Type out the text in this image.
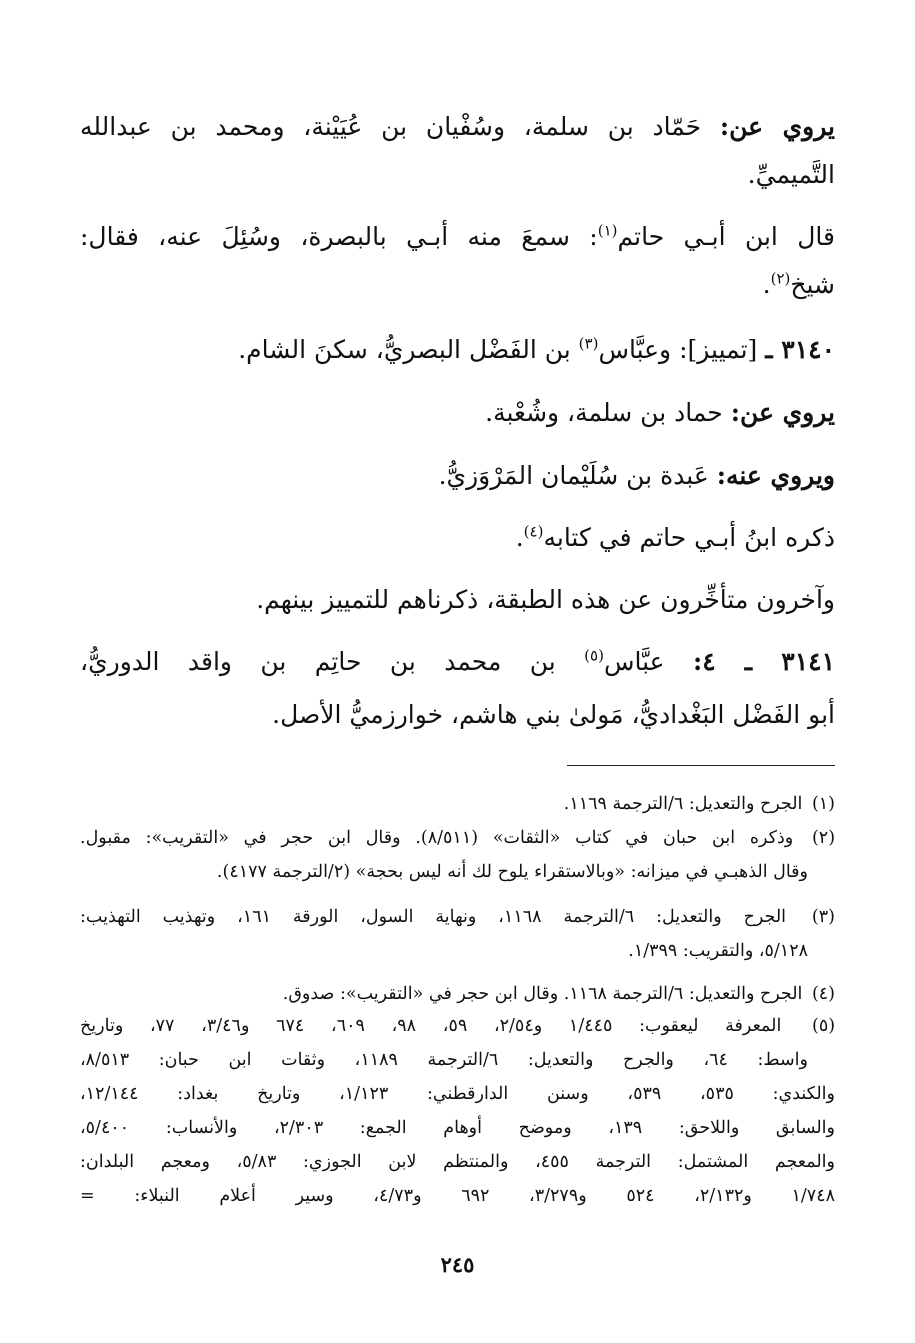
يروي عن: حَمّاد بن سلمة، وسُفْيان بن عُيَيْنة، ومحمد بن عبدالله
التَّميميِّ.
قال ابن أبـي حاتم$^{(١)}$: سمعَ منه أبـي بالبصرة، وسُئِلَ عنه، فقال:
شيخ$^{(٢)}$.
٣١٤٠ ـ [تمييز]: وعبَّاس$^{(٣)}$ بن الفَضْل البصريُّ، سكنَ الشام.
يروي عن: حماد بن سلمة، وشُعْبة.
ويروي عنه: عَبدة بن سُلَيْمان المَرْوَزيُّ.
ذكره ابنُ أبـي حاتم في كتابه$^{(٤)}$.
وآخرون متأخِّرون عن هذه الطبقة، ذكرناهم للتمييز بينهم.
٣١٤١ ـ ٤: عبَّاس$^{(٥)}$ بن محمد بن حاتِم بن واقد الدوريُّ،
أبو الفَضْل البَغْداديُّ، مَولىٰ بني هاشم، خوارزميُّ الأصل.
(١) الجرح والتعديل: ٦/الترجمة ١١٦٩.
(٢) وذكره ابن حبان في كتاب «الثقات» (٨/٥١١). وقال ابن حجر في «التقريب»: مقبول.
وقال الذهبـي في ميزانه: «وبالاستقراء يلوح لك أنه ليس بحجة» (٢/الترجمة ٤١٧٧).
(٣) الجرح والتعديل: ٦/الترجمة ١١٦٨، ونهاية السول، الورقة ١٦١، وتهذيب التهذيب:
٥/١٢٨، والتقريب: ١/٣٩٩.
(٤) الجرح والتعديل: ٦/الترجمة ١١٦٨. وقال ابن حجر في «التقريب»: صدوق.
(٥) المعرفة ليعقوب: ١/٤٤٥ و٢/٥٤، ٥٩، ٩٨، ٦٠٩، ٦٧٤ و٣/٤٦، ٧٧، وتاريخ
واسط: ٦٤، والجرح والتعديل: ٦/الترجمة ١١٨٩، وثقات ابن حبان: ٨/٥١٣،
والكندي: ٥٣٥، ٥٣٩، وسنن الدارقطني: ١/١٢٣، وتاريخ بغداد: ١٢/١٤٤،
والسابق واللاحق: ١٣٩، وموضح أوهام الجمع: ٢/٣٠٣، والأنساب: ٥/٤٠٠،
والمعجم المشتمل: الترجمة ٤٥٥، والمنتظم لابن الجوزي: ٥/٨٣، ومعجم البلدان:
١/٧٤٨ و٢/١٣٢، ٥٢٤ و٣/٢٧٩، ٦٩٢ و٤/٧٣، وسير أعلام النبلاء: =
٢٤٥
